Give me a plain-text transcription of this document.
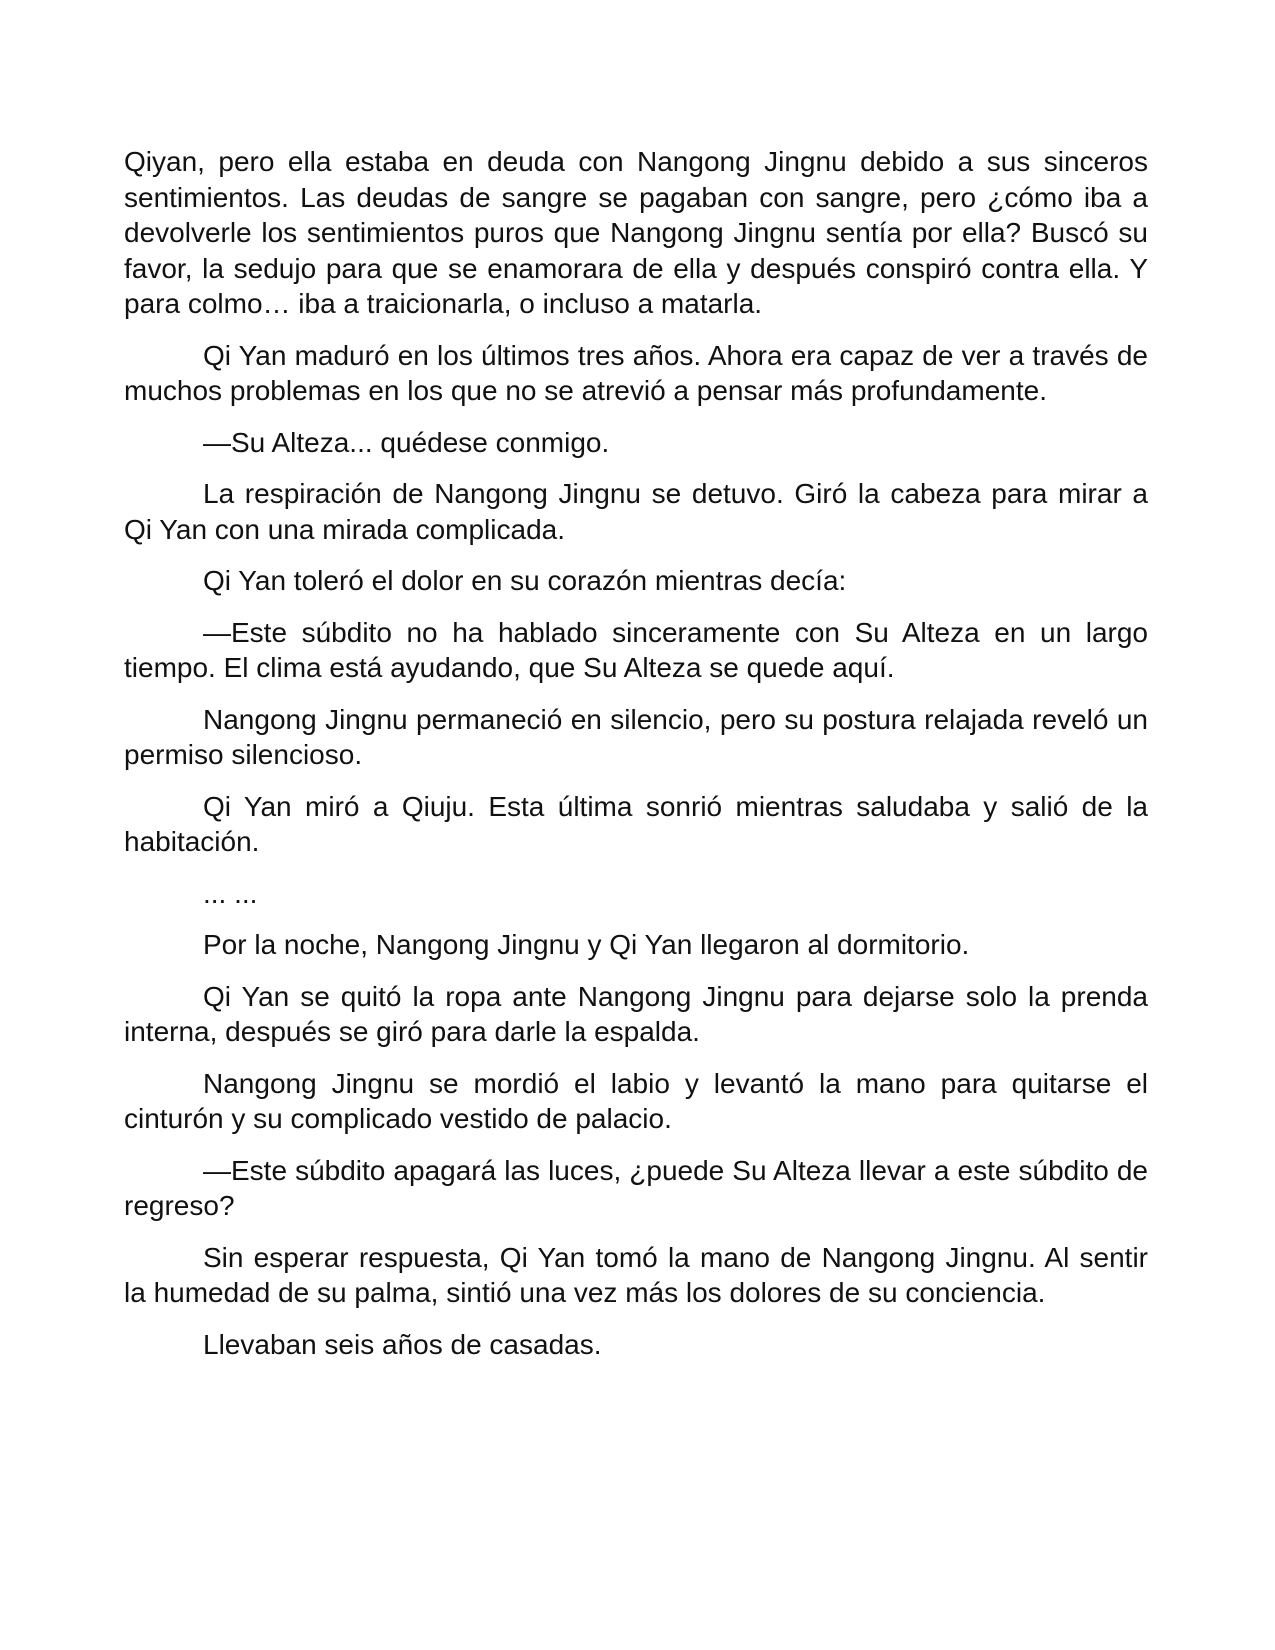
Qiyan, pero ella estaba en deuda con Nangong Jingnu debido a sus sinceros sentimientos. Las deudas de sangre se pagaban con sangre, pero ¿cómo iba a devolverle los sentimientos puros que Nangong Jingnu sentía por ella? Buscó su favor, la sedujo para que se enamorara de ella y después conspiró contra ella. Y para colmo… iba a traicionarla, o incluso a matarla.

Qi Yan maduró en los últimos tres años. Ahora era capaz de ver a través de muchos problemas en los que no se atrevió a pensar más profundamente.

—Su Alteza... quédese conmigo.

La respiración de Nangong Jingnu se detuvo. Giró la cabeza para mirar a Qi Yan con una mirada complicada.

Qi Yan toleró el dolor en su corazón mientras decía:

—Este súbdito no ha hablado sinceramente con Su Alteza en un largo tiempo. El clima está ayudando, que Su Alteza se quede aquí.

Nangong Jingnu permaneció en silencio, pero su postura relajada reveló un permiso silencioso.

Qi Yan miró a Qiuju. Esta última sonrió mientras saludaba y salió de la habitación.

... ...

Por la noche, Nangong Jingnu y Qi Yan llegaron al dormitorio.

Qi Yan se quitó la ropa ante Nangong Jingnu para dejarse solo la prenda interna, después se giró para darle la espalda.

Nangong Jingnu se mordió el labio y levantó la mano para quitarse el cinturón y su complicado vestido de palacio.

—Este súbdito apagará las luces, ¿puede Su Alteza llevar a este súbdito de regreso?

Sin esperar respuesta, Qi Yan tomó la mano de Nangong Jingnu. Al sentir la humedad de su palma, sintió una vez más los dolores de su conciencia.

Llevaban seis años de casadas.
